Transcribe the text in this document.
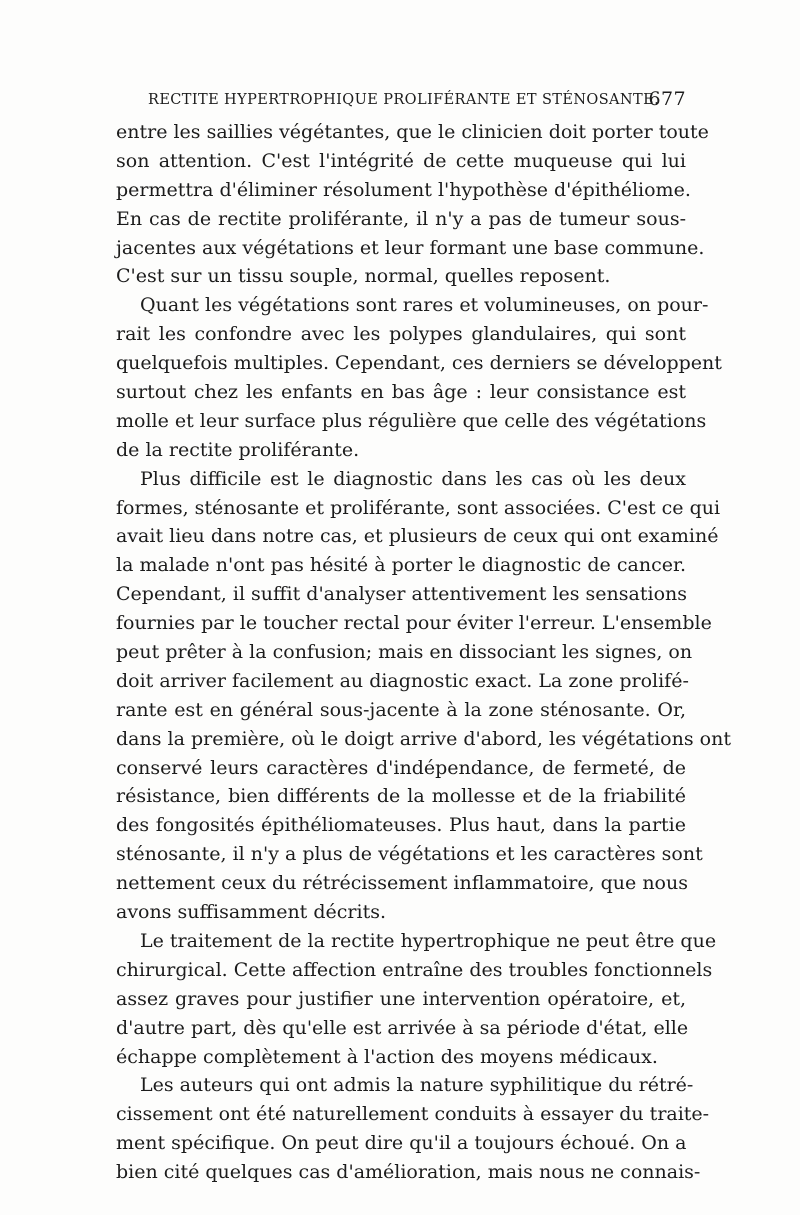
RECTITE HYPERTROPHIQUE PROLIFÉRANTE ET STÉNOSANTE.
677
entre les saillies végétantes, que le clinicien doit porter toute
son attention. C'est l'intégrité de cette muqueuse qui lui
permettra d'éliminer résolument l'hypothèse d'épithéliome.
En cas de rectite proliférante, il n'y a pas de tumeur sous-
jacentes aux végétations et leur formant une base commune.
C'est sur un tissu souple, normal, quelles reposent.
Quant les végétations sont rares et volumineuses, on pour-
rait les confondre avec les polypes glandulaires, qui sont
quelquefois multiples. Cependant, ces derniers se développent
surtout chez les enfants en bas âge : leur consistance est
molle et leur surface plus régulière que celle des végétations
de la rectite proliférante.
Plus difficile est le diagnostic dans les cas où les deux
formes, sténosante et proliférante, sont associées. C'est ce qui
avait lieu dans notre cas, et plusieurs de ceux qui ont examiné
la malade n'ont pas hésité à porter le diagnostic de cancer.
Cependant, il suffit d'analyser attentivement les sensations
fournies par le toucher rectal pour éviter l'erreur. L'ensemble
peut prêter à la confusion; mais en dissociant les signes, on
doit arriver facilement au diagnostic exact. La zone prolifé-
rante est en général sous-jacente à la zone sténosante. Or,
dans la première, où le doigt arrive d'abord, les végétations ont
conservé leurs caractères d'indépendance, de fermeté, de
résistance, bien différents de la mollesse et de la friabilité
des fongosités épithéliomateuses. Plus haut, dans la partie
sténosante, il n'y a plus de végétations et les caractères sont
nettement ceux du rétrécissement inflammatoire, que nous
avons suffisamment décrits.
Le traitement de la rectite hypertrophique ne peut être que
chirurgical. Cette affection entraîne des troubles fonctionnels
assez graves pour justifier une intervention opératoire, et,
d'autre part, dès qu'elle est arrivée à sa période d'état, elle
échappe complètement à l'action des moyens médicaux.
Les auteurs qui ont admis la nature syphilitique du rétré-
cissement ont été naturellement conduits à essayer du traite-
ment spécifique. On peut dire qu'il a toujours échoué. On a
bien cité quelques cas d'amélioration, mais nous ne connais-
